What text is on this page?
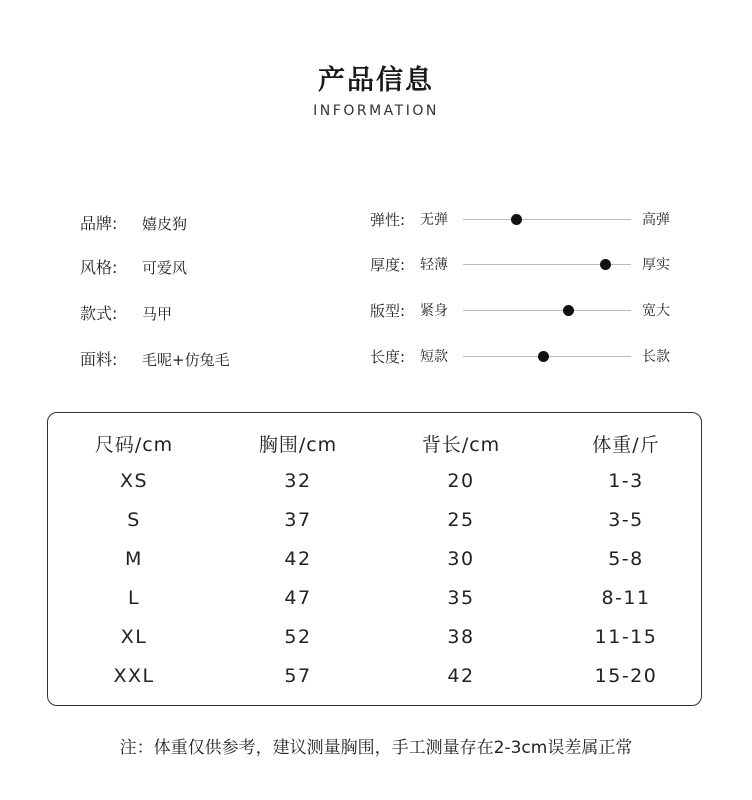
产品信息
INFORMATION
品牌: 嬉皮狗
风格: 可爱风
款式: 马甲
面料: 毛呢+仿兔毛
弹性: 无弹	高弹
厚度: 轻薄	厚实
版型: 紧身	宽大
长度: 短款	长款
尺码/cm	胸围/cm	背长/cm	体重/斤
XS	32	20	1-3
S	37	25	3-5
M	42	30	5-8
L	47	35	8-11
XL	52	38	11-15
XXL	57	42	15-20
注：体重仅供参考，建议测量胸围，手工测量存在2-3cm误差属正常
